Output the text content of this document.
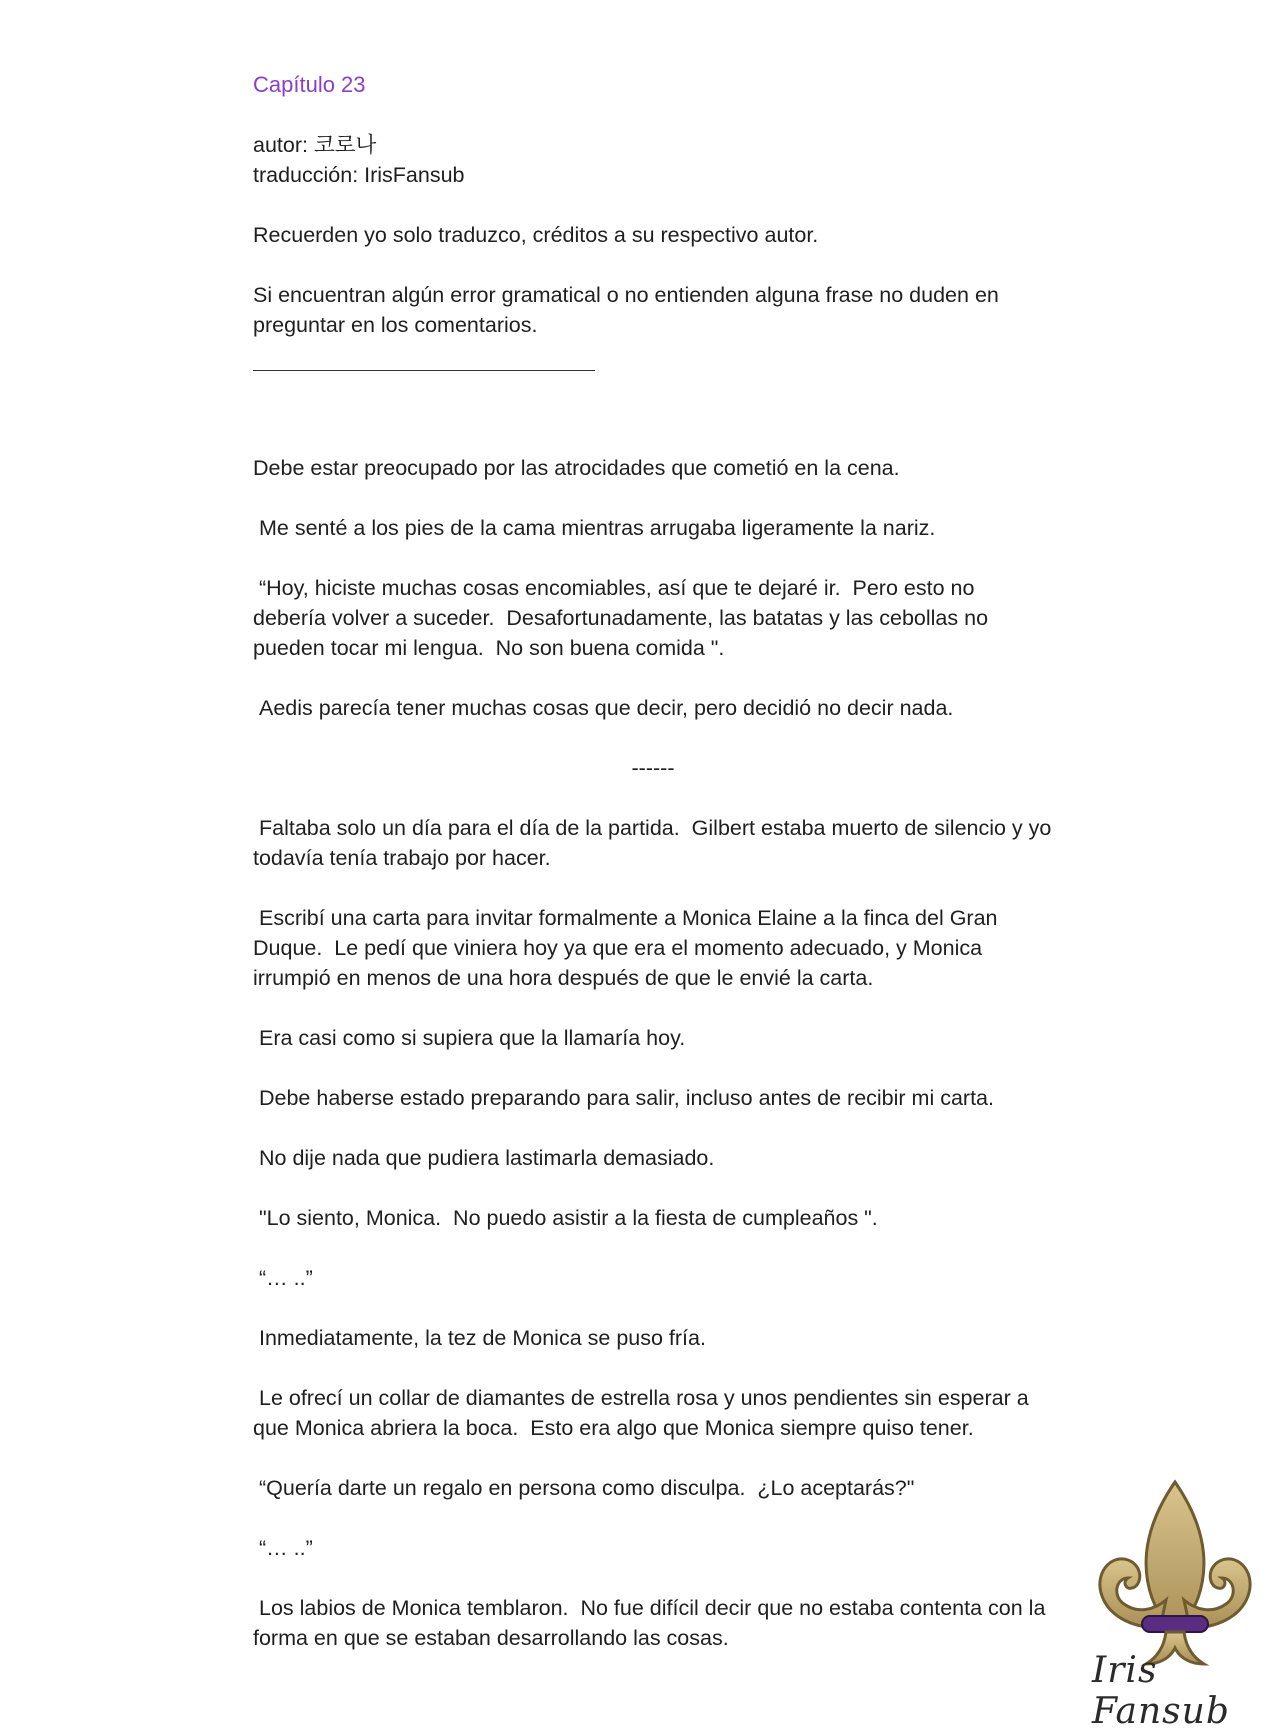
Capítulo 23

autor: 코로나

traducción: IrisFansub

Recuerden yo solo traduzco, créditos a su respectivo autor.

Si encuentran algún error gramatical o no entienden alguna frase no duden en preguntar en los comentarios.

Debe estar preocupado por las atrocidades que cometió en la cena.

Me senté a los pies de la cama mientras arrugaba ligeramente la nariz.

“Hoy, hiciste muchas cosas encomiables, así que te dejaré ir.  Pero esto no debería volver a suceder.  Desafortunadamente, las batatas y las cebollas no pueden tocar mi lengua.  No son buena comida ".

Aedis parecía tener muchas cosas que decir, pero decidió no decir nada.

------

Faltaba solo un día para el día de la partida.  Gilbert estaba muerto de silencio y yo todavía tenía trabajo por hacer.

Escribí una carta para invitar formalmente a Monica Elaine a la finca del Gran Duque.  Le pedí que viniera hoy ya que era el momento adecuado, y Monica irrumpió en menos de una hora después de que le envié la carta.

Era casi como si supiera que la llamaría hoy.

Debe haberse estado preparando para salir, incluso antes de recibir mi carta.

No dije nada que pudiera lastimarla demasiado.

"Lo siento, Monica.  No puedo asistir a la fiesta de cumpleaños ".

“… ..”

Inmediatamente, la tez de Monica se puso fría.

Le ofrecí un collar de diamantes de estrella rosa y unos pendientes sin esperar a que Monica abriera la boca.  Esto era algo que Monica siempre quiso tener.

“Quería darte un regalo en persona como disculpa.  ¿Lo aceptarás?"

“… ..”

Los labios de Monica temblaron.  No fue difícil decir que no estaba contenta con la forma en que se estaban desarrollando las cosas.

Iris Fansub
